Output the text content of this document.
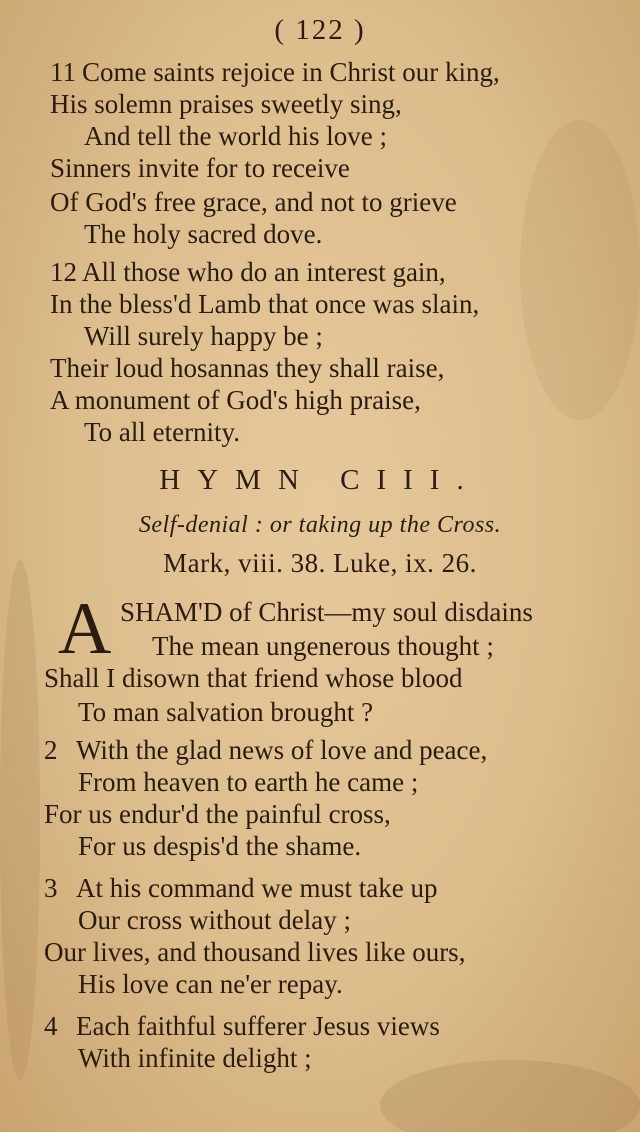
( 122 )
11 Come saints rejoice in Christ our king,
His solemn praises sweetly sing,
And tell the world his love ;
Sinners invite for to receive
Of God's free grace, and not to grieve
The holy sacred dove.
12 All those who do an interest gain,
In the bless'd Lamb that once was slain,
Will surely happy be ;
Their loud hosannas they shall raise,
A monument of God's high praise,
To all eternity.
HYMN CIII.
Self-denial : or taking up the Cross.
Mark, viii. 38. Luke, ix. 26.
A SHAM'D of Christ—my soul disdains
The mean ungenerous thought ;
Shall I disown that friend whose blood
To man salvation brought ?
2 With the glad news of love and peace,
From heaven to earth he came ;
For us endur'd the painful cross,
For us despis'd the shame.
3 At his command we must take up
Our cross without delay ;
Our lives, and thousand lives like ours,
His love can ne'er repay.
4 Each faithful sufferer Jesus views
With infinite delight ;
